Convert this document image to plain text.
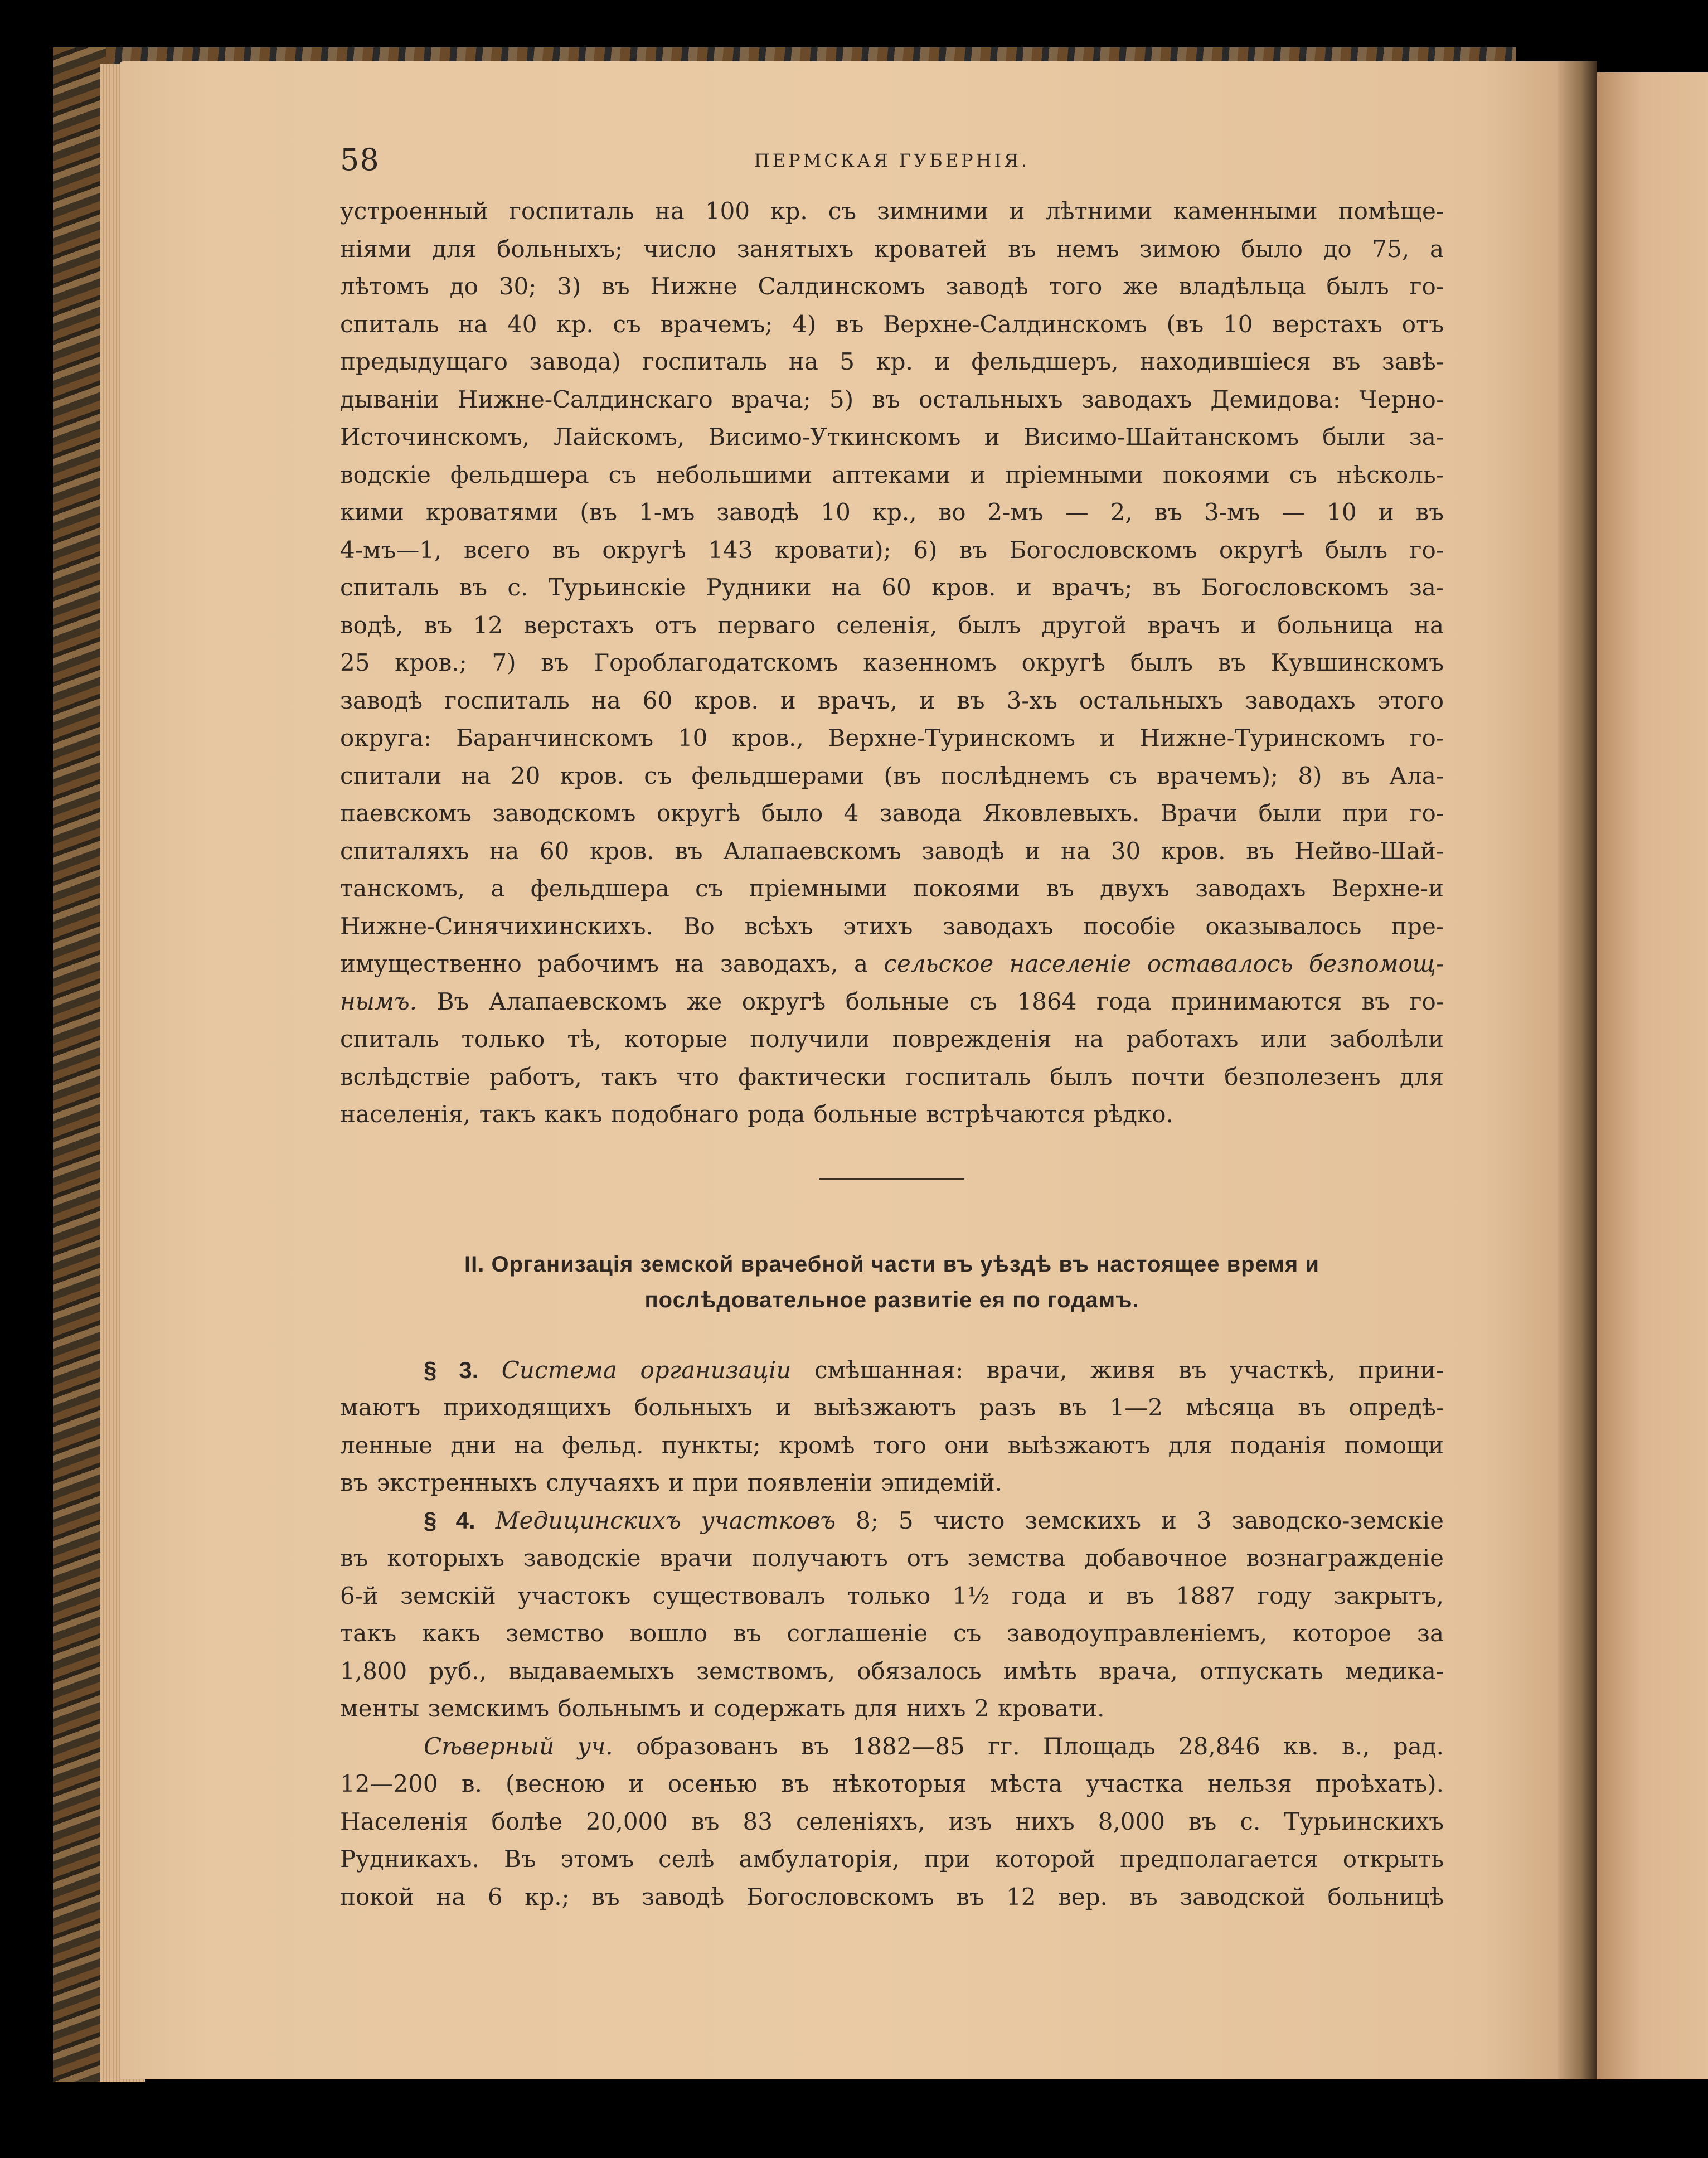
58	ПЕРМСКАЯ ГУБЕРНІЯ.
устроенный госпиталь на 100 кр. съ зимними и лѣтними каменными помѣще-
ніями для больныхъ; число занятыхъ кроватей въ немъ зимою было до 75, а
лѣтомъ до 30; 3) въ Нижне Салдинскомъ заводѣ того же владѣльца былъ го-
спиталь на 40 кр. съ врачемъ; 4) въ Верхне-Салдинскомъ (въ 10 верстахъ отъ
предыдущаго завода) госпиталь на 5 кр. и фельдшеръ, находившіеся въ завѣ-
дываніи Нижне-Салдинскаго врача; 5) въ остальныхъ заводахъ Демидова: Черно-
Источинскомъ, Лайскомъ, Висимо-Уткинскомъ и Висимо-Шайтанскомъ были за-
водскіе фельдшера съ небольшими аптеками и пріемными покоями съ нѣсколь-
кими кроватями (въ 1-мъ заводѣ 10 кр., во 2-мъ — 2, въ 3-мъ — 10 и въ
4-мъ—1, всего въ округѣ 143 кровати); 6) въ Богословскомъ округѣ былъ го-
спиталь въ с. Турьинскіе Рудники на 60 кров. и врачъ; въ Богословскомъ за-
водѣ, въ 12 верстахъ отъ перваго селенія, былъ другой врачъ и больница на
25 кров.; 7) въ Гороблагодатскомъ казенномъ округѣ былъ въ Кувшинскомъ
заводѣ госпиталь на 60 кров. и врачъ, и въ 3-хъ остальныхъ заводахъ этого
округа: Баранчинскомъ 10 кров., Верхне-Туринскомъ и Нижне-Туринскомъ го-
спитали на 20 кров. съ фельдшерами (въ послѣднемъ съ врачемъ); 8) въ Ала-
паевскомъ заводскомъ округѣ было 4 завода Яковлевыхъ. Врачи были при го-
спиталяхъ на 60 кров. въ Алапаевскомъ заводѣ и на 30 кров. въ Нейво-Шай-
танскомъ, а фельдшера съ пріемными покоями въ двухъ заводахъ Верхне-и
Нижне-Синячихинскихъ. Во всѣхъ этихъ заводахъ пособіе оказывалось пре-
имущественно рабочимъ на заводахъ, а сельское населеніе оставалось безпомощ-
нымъ. Въ Алапаевскомъ же округѣ больные съ 1864 года принимаются въ го-
спиталь только тѣ, которые получили поврежденія на работахъ или заболѣли
вслѣдствіе работъ, такъ что фактически госпиталь былъ почти безполезенъ для
населенія, такъ какъ подобнаго рода больные встрѣчаются рѣдко.
II. Организація земской врачебной части въ уѣздѣ въ настоящее время и
послѣдовательное развитіе ея по годамъ.
§ 3. Система организаціи смѣшанная: врачи, живя въ участкѣ, прини-
маютъ приходящихъ больныхъ и выѣзжаютъ разъ въ 1—2 мѣсяца въ опредѣ-
ленные дни на фельд. пункты; кромѣ того они выѣзжаютъ для поданія помощи
въ экстренныхъ случаяхъ и при появленіи эпидемій.
§ 4. Медицинскихъ участковъ 8; 5 чисто земскихъ и 3 заводско-земскіе
въ которыхъ заводскіе врачи получаютъ отъ земства добавочное вознагражденіе
6-й земскій участокъ существовалъ только 1½ года и въ 1887 году закрытъ,
такъ какъ земство вошло въ соглашеніе съ заводоуправленіемъ, которое за
1,800 руб., выдаваемыхъ земствомъ, обязалось имѣть врача, отпускать медика-
менты земскимъ больнымъ и содержать для нихъ 2 кровати.
Сѣверный уч. образованъ въ 1882—85 гг. Площадь 28,846 кв. в., рад.
12—200 в. (весною и осенью въ нѣкоторыя мѣста участка нельзя проѣхать).
Населенія болѣе 20,000 въ 83 селеніяхъ, изъ нихъ 8,000 въ с. Турьинскихъ
Рудникахъ. Въ этомъ селѣ амбулаторія, при которой предполагается открыть
покой на 6 кр.; въ заводѣ Богословскомъ въ 12 вер. въ заводской больницѣ
